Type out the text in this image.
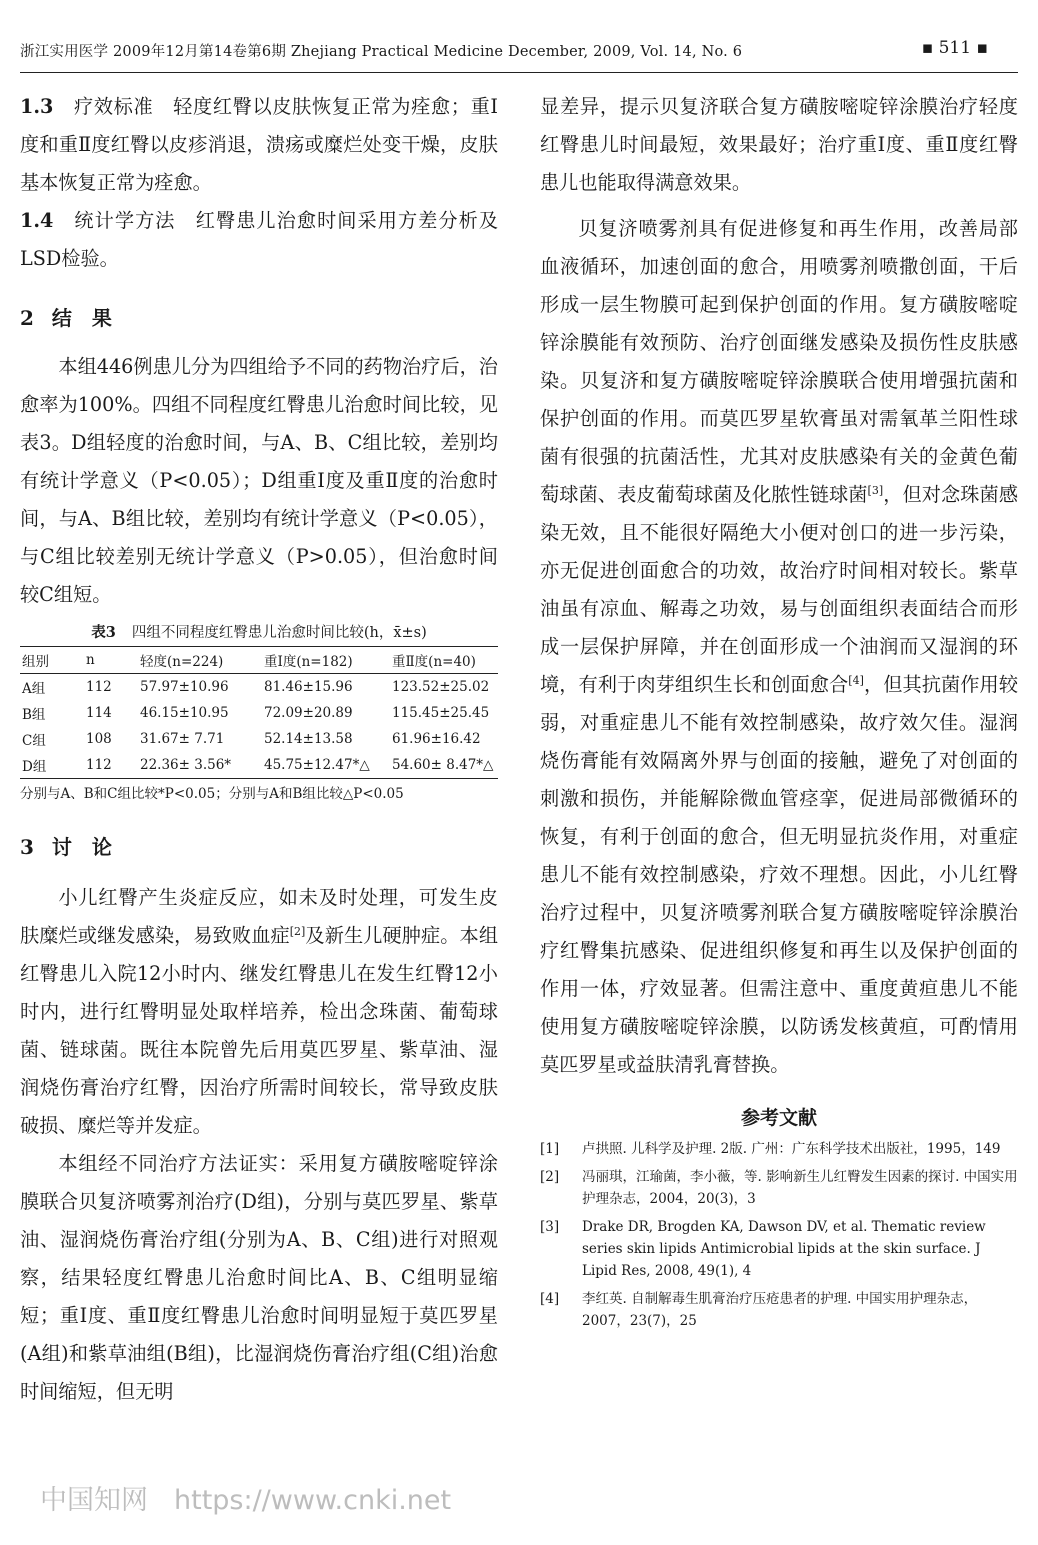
浙江实用医学 2009年12月第14卷第6期 Zhejiang Practical Medicine December, 2009, Vol. 14, No. 6	▪ 511 ▪

1.3 疗效标准　 轻度红臀以皮肤恢复正常为痊愈；重Ⅰ度和重Ⅱ度红臀以皮疹消退，溃疡或糜烂处变干燥，皮肤基本恢复正常为痊愈。

1.4 统计学方法　 红臀患儿治愈时间采用方差分析及LSD检验。

2 结　果

本组446例患儿分为四组给予不同的药物治疗后，治愈率为100%。四组不同程度红臀患儿治愈时间比较，见表3。D组轻度的治愈时间，与A、B、C组比较，差别均有统计学意义（P<0.05）；D组重Ⅰ度及重Ⅱ度的治愈时间，与A、B组比较，差别均有统计学意义（P<0.05），与C组比较差别无统计学意义（P>0.05），但治愈时间较C组短。

表3 四组不同程度红臀患儿治愈时间比较(h，x̄±s)
组别	n	轻度(n=224)	重Ⅰ度(n=182)	重Ⅱ度(n=40)
A组	112	57.97±10.96	81.46±15.96	123.52±25.02
B组	114	46.15±10.95	72.09±20.89	115.45±25.45
C组	108	31.67± 7.71	52.14±13.58	61.96±16.42
D组	112	22.36± 3.56*	45.75±12.47*△	54.60± 8.47*△
分别与A、B和C组比较*P<0.05；分别与A和B组比较△P<0.05
3 讨　论

小儿红臀产生炎症反应，如未及时处理，可发生皮肤糜烂或继发感染，易致败血症[2]及新生儿硬肿症。本组红臀患儿入院12小时内、继发红臀患儿在发生红臀12小时内，进行红臀明显处取样培养，检出念珠菌、葡萄球菌、链球菌。既往本院曾先后用莫匹罗星、紫草油、湿润烧伤膏治疗红臀，因治疗所需时间较长，常导致皮肤破损、糜烂等并发症。

本组经不同治疗方法证实：采用复方磺胺嘧啶锌涂膜联合贝复济喷雾剂治疗(D组)，分别与莫匹罗星、紫草油、湿润烧伤膏治疗组(分别为A、B、C组)进行对照观察，结果轻度红臀患儿治愈时间比A、B、C组明显缩短；重Ⅰ度、重Ⅱ度红臀患儿治愈时间明显短于莫匹罗星(A组)和紫草油组(B组)，比湿润烧伤膏治疗组(C组)治愈时间缩短，但无明

显差异，提示贝复济联合复方磺胺嘧啶锌涂膜治疗轻度红臀患儿时间最短，效果最好；治疗重Ⅰ度、重Ⅱ度红臀患儿也能取得满意效果。

贝复济喷雾剂具有促进修复和再生作用，改善局部血液循环，加速创面的愈合，用喷雾剂喷撒创面，干后形成一层生物膜可起到保护创面的作用。复方磺胺嘧啶锌涂膜能有效预防、治疗创面继发感染及损伤性皮肤感染。贝复济和复方磺胺嘧啶锌涂膜联合使用增强抗菌和保护创面的作用。而莫匹罗星软膏虽对需氧革兰阳性球菌有很强的抗菌活性，尤其对皮肤感染有关的金黄色葡萄球菌、表皮葡萄球菌及化脓性链球菌[3]，但对念珠菌感染无效，且不能很好隔绝大小便对创口的进一步污染，亦无促进创面愈合的功效，故治疗时间相对较长。紫草油虽有凉血、解毒之功效，易与创面组织表面结合而形成一层保护屏障，并在创面形成一个油润而又湿润的环境，有利于肉芽组织生长和创面愈合[4]，但其抗菌作用较弱，对重症患儿不能有效控制感染，故疗效欠佳。湿润烧伤膏能有效隔离外界与创面的接触，避免了对创面的刺激和损伤，并能解除微血管痉挛，促进局部微循环的恢复，有利于创面的愈合，但无明显抗炎作用，对重症患儿不能有效控制感染，疗效不理想。因此，小儿红臀治疗过程中，贝复济喷雾剂联合复方磺胺嘧啶锌涂膜治疗红臀集抗感染、促进组织修复和再生以及保护创面的作用一体，疗效显著。但需注意中、重度黄疸患儿不能使用复方磺胺嘧啶锌涂膜，以防诱发核黄疸，可酌情用莫匹罗星或益肤清乳膏替换。

参考文献
[1] 卢拱照. 儿科学及护理. 2版. 广州：广东科学技术出版社，1995，149
[2] 冯丽琪，江瑜菌，李小薇，等. 影响新生儿红臀发生因素的探讨. 中国实用护理杂志，2004，20(3)，3
[3] Drake DR, Brogden KA, Dawson DV, et al. Thematic review series skin lipids Antimicrobial lipids at the skin surface. J Lipid Res, 2008, 49(1), 4
[4] 李红英. 自制解毒生肌膏治疗压疮患者的护理. 中国实用护理杂志，2007，23(7)，25
中国知网 https://www.cnki.net
